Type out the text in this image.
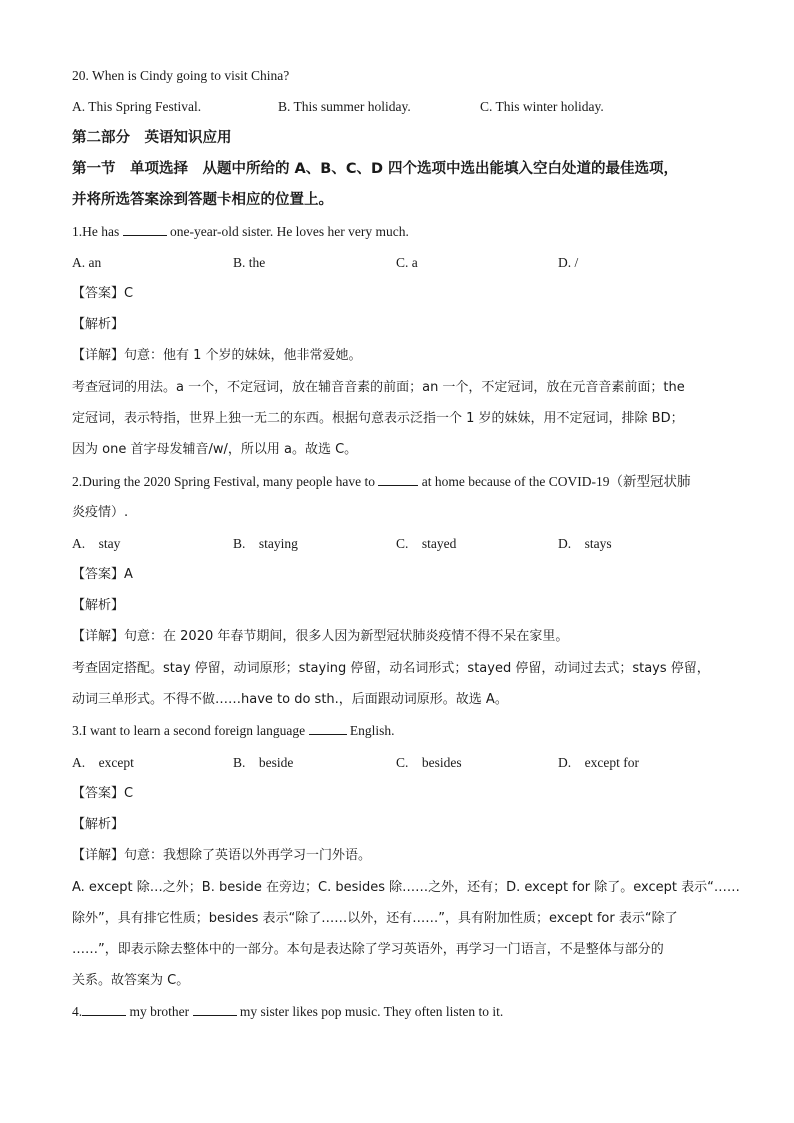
20. When is Cindy going to visit China?
A. This Spring Festival.	B. This summer holiday.	C. This winter holiday.
第二部分　英语知识应用
第一节　单项选择　从题中所给的 A、B、C、D 四个选项中选出能填入空白处道的最佳选项，
并将所选答案涂到答题卡相应的位置上。
1.He has	one-year-old sister. He loves her very much.
A. an	B. the	C. a	D. /
【答案】C
【解析】
【详解】句意：他有 1 个岁的妹妹，他非常爱她。
考查冠词的用法。a 一个，不定冠词，放在辅音音素的前面；an 一个，不定冠词，放在元音音素前面；the
定冠词，表示特指，世界上独一无二的东西。根据句意表示泛指一个 1 岁的妹妹，用不定冠词，排除 BD；
因为 one 首字母发辅音/w/，所以用 a。故选 C。
2.During the 2020 Spring Festival, many people have to	at home because of the COVID-19（新型冠状肺
炎疫情）.
A.　stay	B.　staying	C.　stayed	D.　stays
【答案】A
【解析】
【详解】句意：在 2020 年春节期间，很多人因为新型冠状肺炎疫情不得不呆在家里。
考查固定搭配。stay 停留，动词原形；staying 停留，动名词形式；stayed 停留，动词过去式；stays 停留，
动词三单形式。不得不做……have to do sth.，后面跟动词原形。故选 A。
3.I want to learn a second foreign language	English.
A.　except	B.　beside	C.　besides	D.　except for
【答案】C
【解析】
【详解】句意：我想除了英语以外再学习一门外语。
A. except 除…之外；B. beside 在旁边；C. besides 除……之外，还有；D. except for 除了。except 表示“……
除外”，具有排它性质；besides 表示“除了……以外，还有……”，具有附加性质；except for 表示“除了
……”，即表示除去整体中的一部分。本句是表达除了学习英语外，再学习一门语言，不是整体与部分的
关系。故答案为 C。
4.	my brother	my sister likes pop music. They often listen to it.
